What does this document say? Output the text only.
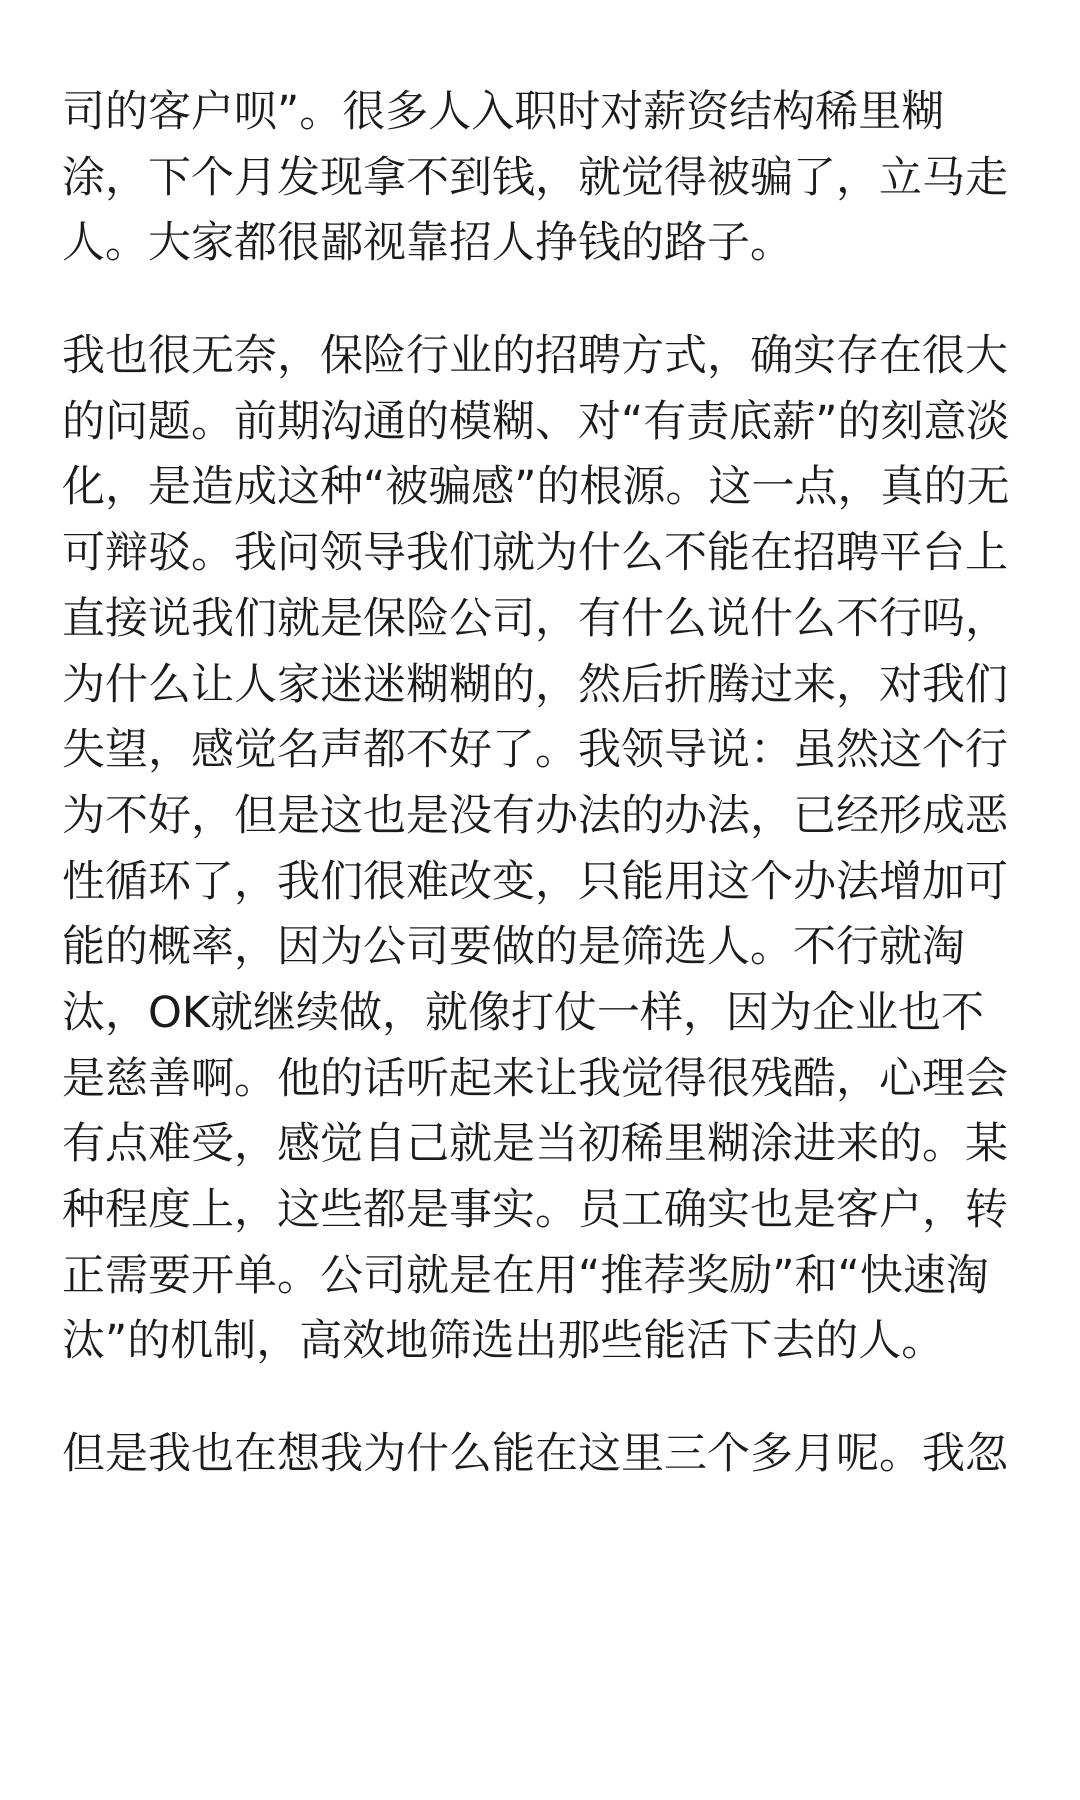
司的客户呗”。很多人入职时对薪资结构稀里糊
涂，下个月发现拿不到钱，就觉得被骗了，立马走
人。大家都很鄙视靠招人挣钱的路子。
我也很无奈，保险行业的招聘方式，确实存在很大
的问题。前期沟通的模糊、对“有责底薪”的刻意淡
化，是造成这种“被骗感”的根源。这一点，真的无
可辩驳。我问领导我们就为什么不能在招聘平台上
直接说我们就是保险公司，有什么说什么不行吗，
为什么让人家迷迷糊糊的，然后折腾过来，对我们
失望，感觉名声都不好了。我领导说：虽然这个行
为不好，但是这也是没有办法的办法，已经形成恶
性循环了，我们很难改变，只能用这个办法增加可
能的概率，因为公司要做的是筛选人。不行就淘
汰，OK就继续做，就像打仗一样，因为企业也不
是慈善啊。他的话听起来让我觉得很残酷，心理会
有点难受，感觉自己就是当初稀里糊涂进来的。某
种程度上，这些都是事实。员工确实也是客户，转
正需要开单。公司就是在用“推荐奖励”和“快速淘
汰”的机制，高效地筛选出那些能活下去的人。
但是我也在想我为什么能在这里三个多月呢。我忽
